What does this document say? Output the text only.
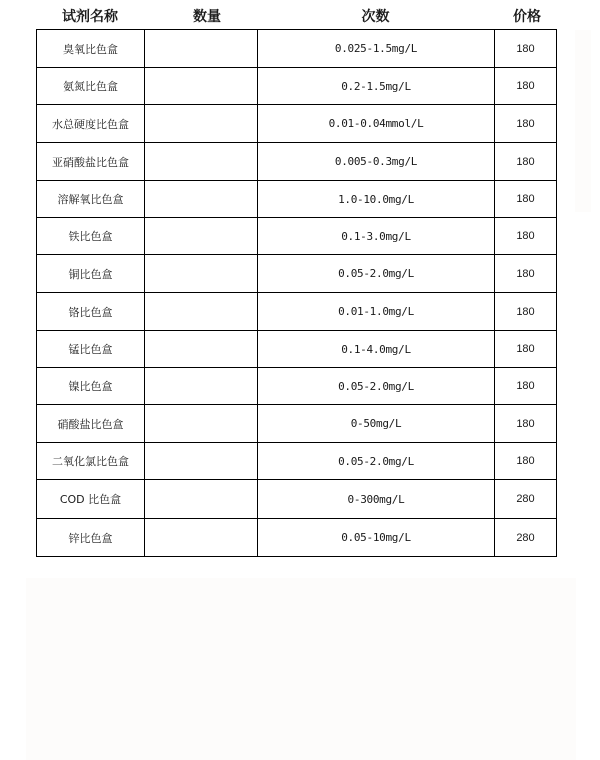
试剂名称	数量	次数	价格
臭氧比色盒		0.025-1.5mg/L	180
氨氮比色盒		0.2-1.5mg/L	180
水总硬度比色盒		0.01-0.04mmol/L	180
亚硝酸盐比色盒		0.005-0.3mg/L	180
溶解氧比色盒		1.0-10.0mg/L	180
铁比色盒		0.1-3.0mg/L	180
铜比色盒		0.05-2.0mg/L	180
铬比色盒		0.01-1.0mg/L	180
锰比色盒		0.1-4.0mg/L	180
镍比色盒		0.05-2.0mg/L	180
硝酸盐比色盒		0-50mg/L	180
二氧化氯比色盒		0.05-2.0mg/L	180
COD 比色盒		0-300mg/L	280
锌比色盒		0.05-10mg/L	280
